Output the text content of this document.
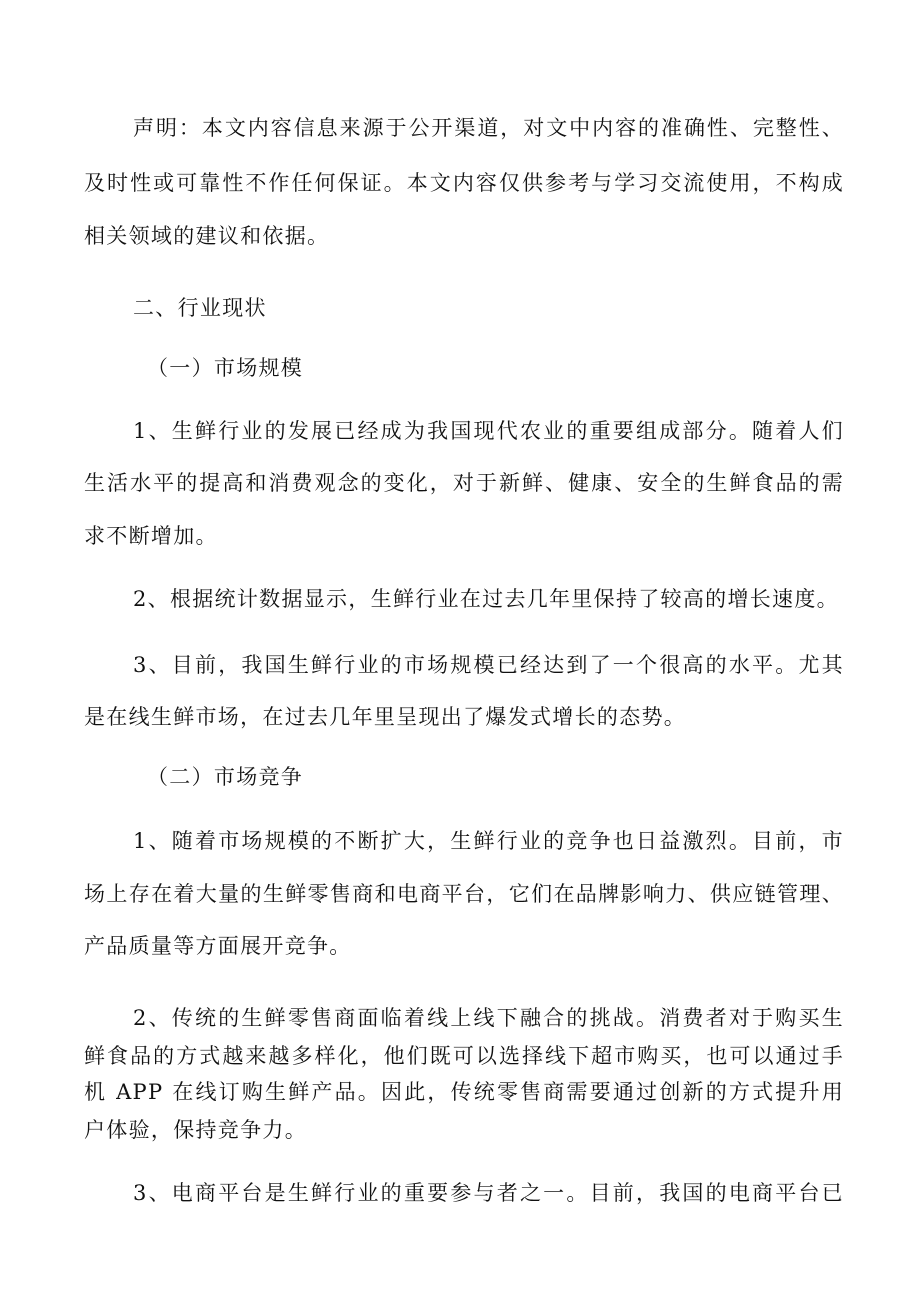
声明：本文内容信息来源于公开渠道，对文中内容的准确性、完整性、
及时性或可靠性不作任何保证。本文内容仅供参考与学习交流使用，不构成
相关领域的建议和依据。
二、行业现状
（一）市场规模
1、生鲜行业的发展已经成为我国现代农业的重要组成部分。随着人们
生活水平的提高和消费观念的变化，对于新鲜、健康、安全的生鲜食品的需
求不断增加。
2、根据统计数据显示，生鲜行业在过去几年里保持了较高的增长速度。
3、目前，我国生鲜行业的市场规模已经达到了一个很高的水平。尤其
是在线生鲜市场，在过去几年里呈现出了爆发式增长的态势。
（二）市场竞争
1、随着市场规模的不断扩大，生鲜行业的竞争也日益激烈。目前，市
场上存在着大量的生鲜零售商和电商平台，它们在品牌影响力、供应链管理、
产品质量等方面展开竞争。
2、传统的生鲜零售商面临着线上线下融合的挑战。消费者对于购买生
鲜食品的方式越来越多样化，他们既可以选择线下超市购买，也可以通过手
机 APP 在线订购生鲜产品。因此，传统零售商需要通过创新的方式提升用
户体验，保持竞争力。
3、电商平台是生鲜行业的重要参与者之一。目前，我国的电商平台已
